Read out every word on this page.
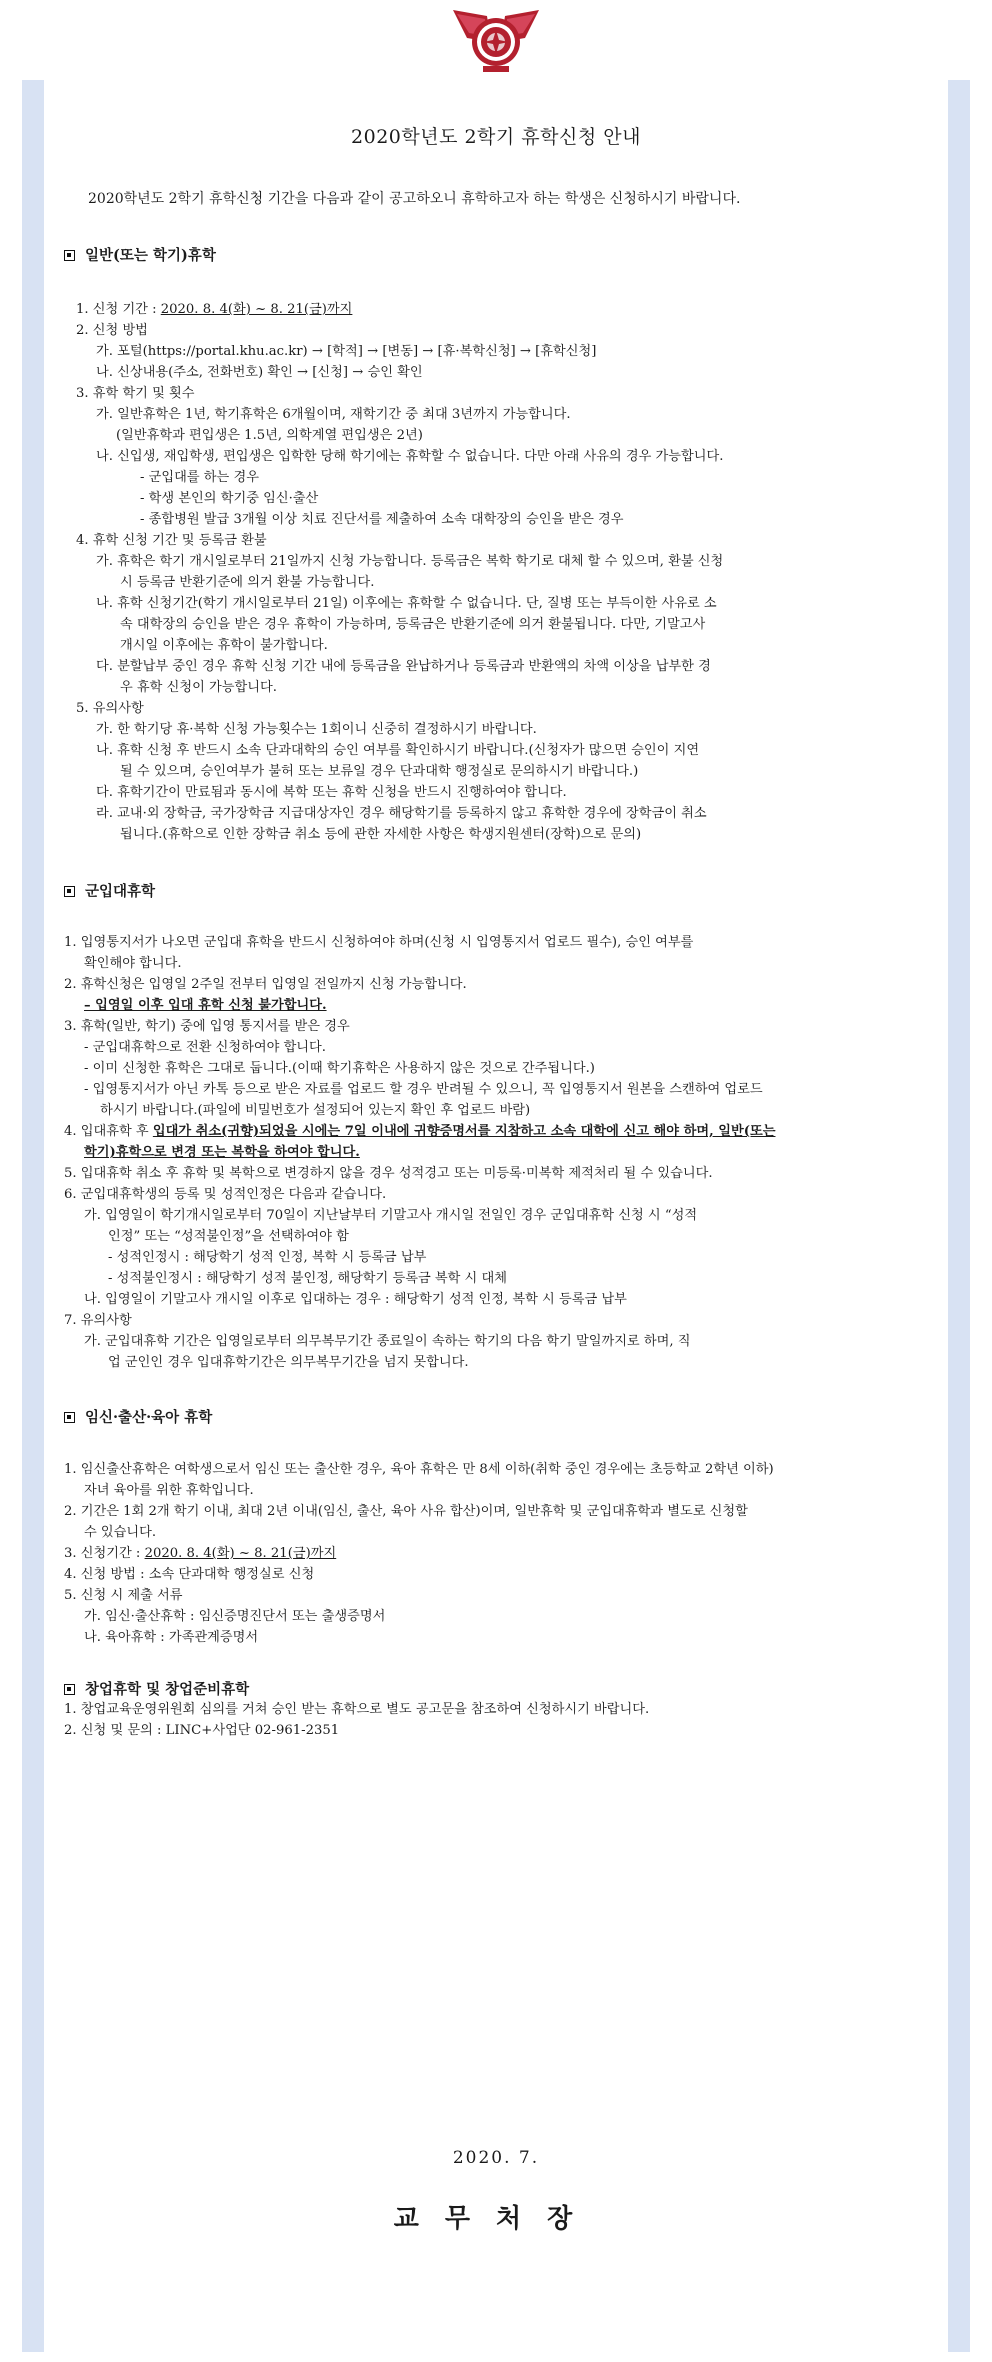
2020학년도 2학기 휴학신청 안내
2020학년도 2학기 휴학신청 기간을 다음과 같이 공고하오니 휴학하고자 하는 학생은 신청하시기 바랍니다.
일반(또는 학기)휴학
1. 신청 기간 : 2020. 8. 4(화) ~ 8. 21(금)까지
2. 신청 방법
가. 포털(https://portal.khu.ac.kr) → [학적] → [변동] → [휴·복학신청] → [휴학신청]
나. 신상내용(주소, 전화번호) 확인 → [신청] → 승인 확인
3. 휴학 학기 및 횟수
가. 일반휴학은 1년, 학기휴학은 6개월이며, 재학기간 중 최대 3년까지 가능합니다.
(일반휴학과 편입생은 1.5년, 의학계열 편입생은 2년)
나. 신입생, 재입학생, 편입생은 입학한 당해 학기에는 휴학할 수 없습니다. 다만 아래 사유의 경우 가능합니다.
- 군입대를 하는 경우
- 학생 본인의 학기중 임신·출산
- 종합병원 발급 3개월 이상 치료 진단서를 제출하여 소속 대학장의 승인을 받은 경우
4. 휴학 신청 기간 및 등록금 환불
가. 휴학은 학기 개시일로부터 21일까지 신청 가능합니다. 등록금은 복학 학기로 대체 할 수 있으며, 환불 신청
시 등록금 반환기준에 의거 환불 가능합니다.
나. 휴학 신청기간(학기 개시일로부터 21일) 이후에는 휴학할 수 없습니다. 단, 질병 또는 부득이한 사유로 소
속 대학장의 승인을 받은 경우 휴학이 가능하며, 등록금은 반환기준에 의거 환불됩니다. 다만, 기말고사
개시일 이후에는 휴학이 불가합니다.
다. 분할납부 중인 경우 휴학 신청 기간 내에 등록금을 완납하거나 등록금과 반환액의 차액 이상을 납부한 경
우 휴학 신청이 가능합니다.
5. 유의사항
가. 한 학기당 휴·복학 신청 가능횟수는 1회이니 신중히 결정하시기 바랍니다.
나. 휴학 신청 후 반드시 소속 단과대학의 승인 여부를 확인하시기 바랍니다.(신청자가 많으면 승인이 지연
될 수 있으며, 승인여부가 불허 또는 보류일 경우 단과대학 행정실로 문의하시기 바랍니다.)
다. 휴학기간이 만료됨과 동시에 복학 또는 휴학 신청을 반드시 진행하여야 합니다.
라. 교내·외 장학금, 국가장학금 지급대상자인 경우 해당학기를 등록하지 않고 휴학한 경우에 장학금이 취소
됩니다.(휴학으로 인한 장학금 취소 등에 관한 자세한 사항은 학생지원센터(장학)으로 문의)
군입대휴학
1. 입영통지서가 나오면 군입대 휴학을 반드시 신청하여야 하며(신청 시 입영통지서 업로드 필수), 승인 여부를
확인해야 합니다.
2. 휴학신청은 입영일 2주일 전부터 입영일 전일까지 신청 가능합니다.
– 입영일 이후 입대 휴학 신청 불가합니다.
3. 휴학(일반, 학기) 중에 입영 통지서를 받은 경우
- 군입대휴학으로 전환 신청하여야 합니다.
- 이미 신청한 휴학은 그대로 둡니다.(이때 학기휴학은 사용하지 않은 것으로 간주됩니다.)
- 입영통지서가 아닌 카톡 등으로 받은 자료를 업로드 할 경우 반려될 수 있으니, 꼭 입영통지서 원본을 스캔하여 업로드
하시기 바랍니다.(파일에 비밀번호가 설정되어 있는지 확인 후 업로드 바람)
4. 입대휴학 후 입대가 취소(귀향)되었을 시에는 7일 이내에 귀향증명서를 지참하고 소속 대학에 신고 해야 하며, 일반(또는
학기)휴학으로 변경 또는 복학을 하여야 합니다.
5. 입대휴학 취소 후 휴학 및 복학으로 변경하지 않을 경우 성적경고 또는 미등록·미복학 제적처리 될 수 있습니다.
6. 군입대휴학생의 등록 및 성적인정은 다음과 같습니다.
가. 입영일이 학기개시일로부터 70일이 지난날부터 기말고사 개시일 전일인 경우 군입대휴학 신청 시 “성적
인정” 또는 “성적불인정”을 선택하여야 함
- 성적인정시 : 해당학기 성적 인정, 복학 시 등록금 납부
- 성적불인정시 : 해당학기 성적 불인정, 해당학기 등록금 복학 시 대체
나. 입영일이 기말고사 개시일 이후로 입대하는 경우 : 해당학기 성적 인정, 복학 시 등록금 납부
7. 유의사항
가. 군입대휴학 기간은 입영일로부터 의무복무기간 종료일이 속하는 학기의 다음 학기 말일까지로 하며, 직
업 군인인 경우 입대휴학기간은 의무복무기간을 넘지 못합니다.
임신·출산·육아 휴학
1. 임신출산휴학은 여학생으로서 임신 또는 출산한 경우, 육아 휴학은 만 8세 이하(취학 중인 경우에는 초등학교 2학년 이하)
자녀 육아를 위한 휴학입니다.
2. 기간은 1회 2개 학기 이내, 최대 2년 이내(임신, 출산, 육아 사유 합산)이며, 일반휴학 및 군입대휴학과 별도로 신청할
수 있습니다.
3. 신청기간 : 2020. 8. 4(화) ~ 8. 21(금)까지
4. 신청 방법 : 소속 단과대학 행정실로 신청
5. 신청 시 제출 서류
가. 임신·출산휴학 : 임신증명진단서 또는 출생증명서
나. 육아휴학 : 가족관계증명서
창업휴학 및 창업준비휴학
1. 창업교육운영위원회 심의를 거쳐 승인 받는 휴학으로 별도 공고문을 참조하여 신청하시기 바랍니다.
2. 신청 및 문의 : LINC+사업단 02-961-2351
2020. 7.
교무처장
